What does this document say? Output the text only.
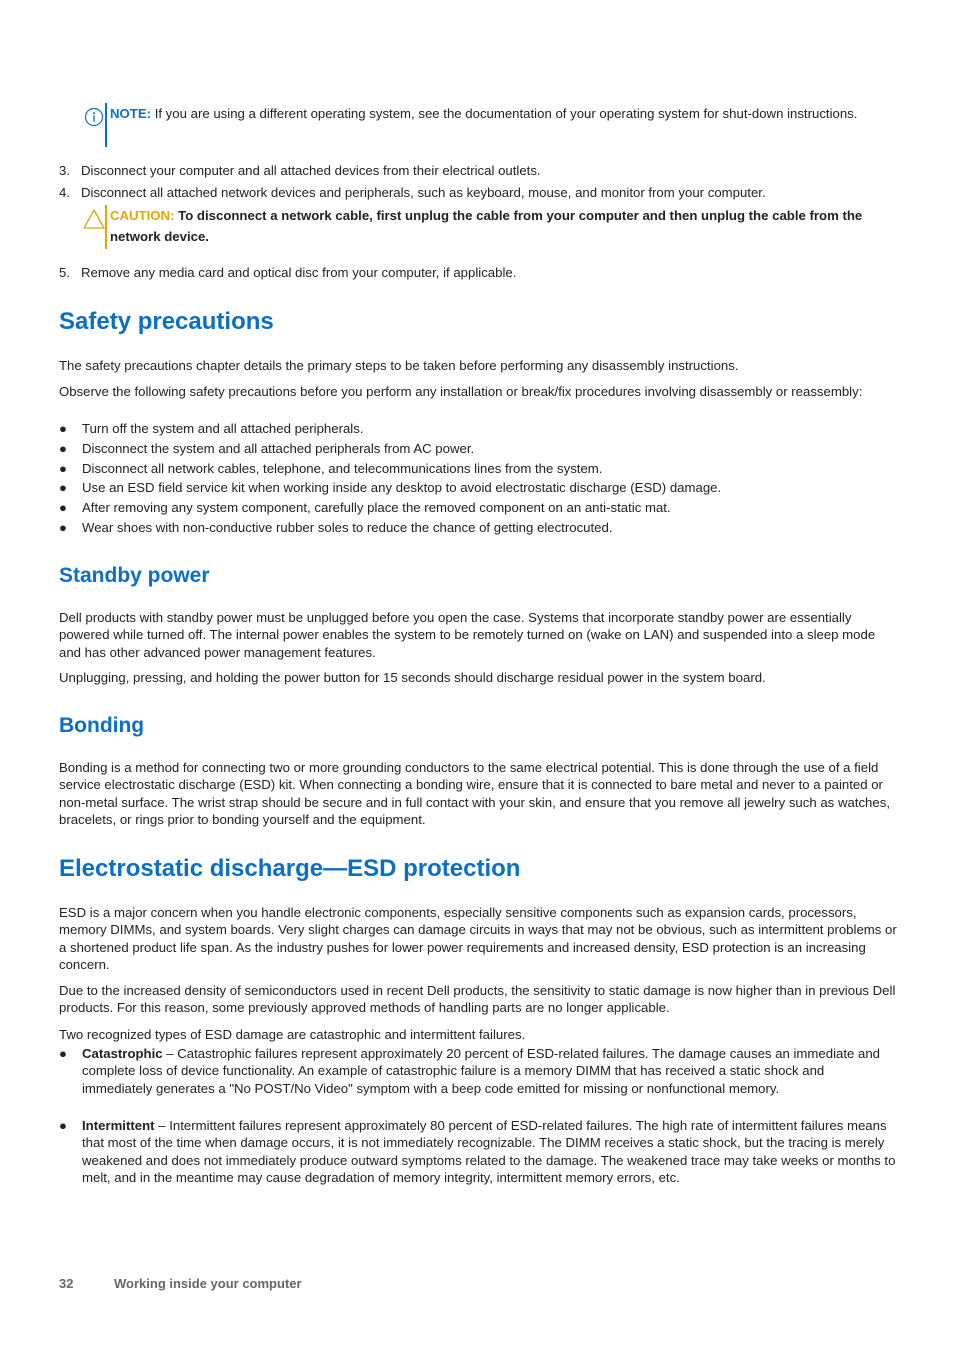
NOTE: If you are using a different operating system, see the documentation of your operating system for shut-down instructions.
3. Disconnect your computer and all attached devices from their electrical outlets.
4. Disconnect all attached network devices and peripherals, such as keyboard, mouse, and monitor from your computer.
CAUTION: To disconnect a network cable, first unplug the cable from your computer and then unplug the cable from the network device.
5. Remove any media card and optical disc from your computer, if applicable.
Safety precautions

The safety precautions chapter details the primary steps to be taken before performing any disassembly instructions.

Observe the following safety precautions before you perform any installation or break/fix procedures involving disassembly or reassembly:

● Turn off the system and all attached peripherals.
● Disconnect the system and all attached peripherals from AC power.
● Disconnect all network cables, telephone, and telecommunications lines from the system.
● Use an ESD field service kit when working inside any desktop to avoid electrostatic discharge (ESD) damage.
● After removing any system component, carefully place the removed component on an anti-static mat.
● Wear shoes with non-conductive rubber soles to reduce the chance of getting electrocuted.
Standby power

Dell products with standby power must be unplugged before you open the case. Systems that incorporate standby power are essentially powered while turned off. The internal power enables the system to be remotely turned on (wake on LAN) and suspended into a sleep mode and has other advanced power management features.

Unplugging, pressing, and holding the power button for 15 seconds should discharge residual power in the system board.

Bonding

Bonding is a method for connecting two or more grounding conductors to the same electrical potential. This is done through the use of a field service electrostatic discharge (ESD) kit. When connecting a bonding wire, ensure that it is connected to bare metal and never to a painted or non-metal surface. The wrist strap should be secure and in full contact with your skin, and ensure that you remove all jewelry such as watches, bracelets, or rings prior to bonding yourself and the equipment.

Electrostatic discharge—ESD protection

ESD is a major concern when you handle electronic components, especially sensitive components such as expansion cards, processors, memory DIMMs, and system boards. Very slight charges can damage circuits in ways that may not be obvious, such as intermittent problems or a shortened product life span. As the industry pushes for lower power requirements and increased density, ESD protection is an increasing concern.

Due to the increased density of semiconductors used in recent Dell products, the sensitivity to static damage is now higher than in previous Dell products. For this reason, some previously approved methods of handling parts are no longer applicable.

Two recognized types of ESD damage are catastrophic and intermittent failures.

● Catastrophic – Catastrophic failures represent approximately 20 percent of ESD-related failures. The damage causes an immediate and complete loss of device functionality. An example of catastrophic failure is a memory DIMM that has received a static shock and immediately generates a "No POST/No Video" symptom with a beep code emitted for missing or nonfunctional memory.
● Intermittent – Intermittent failures represent approximately 80 percent of ESD-related failures. The high rate of intermittent failures means that most of the time when damage occurs, it is not immediately recognizable. The DIMM receives a static shock, but the tracing is merely weakened and does not immediately produce outward symptoms related to the damage. The weakened trace may take weeks or months to melt, and in the meantime may cause degradation of memory integrity, intermittent memory errors, etc.
32	Working inside your computer
